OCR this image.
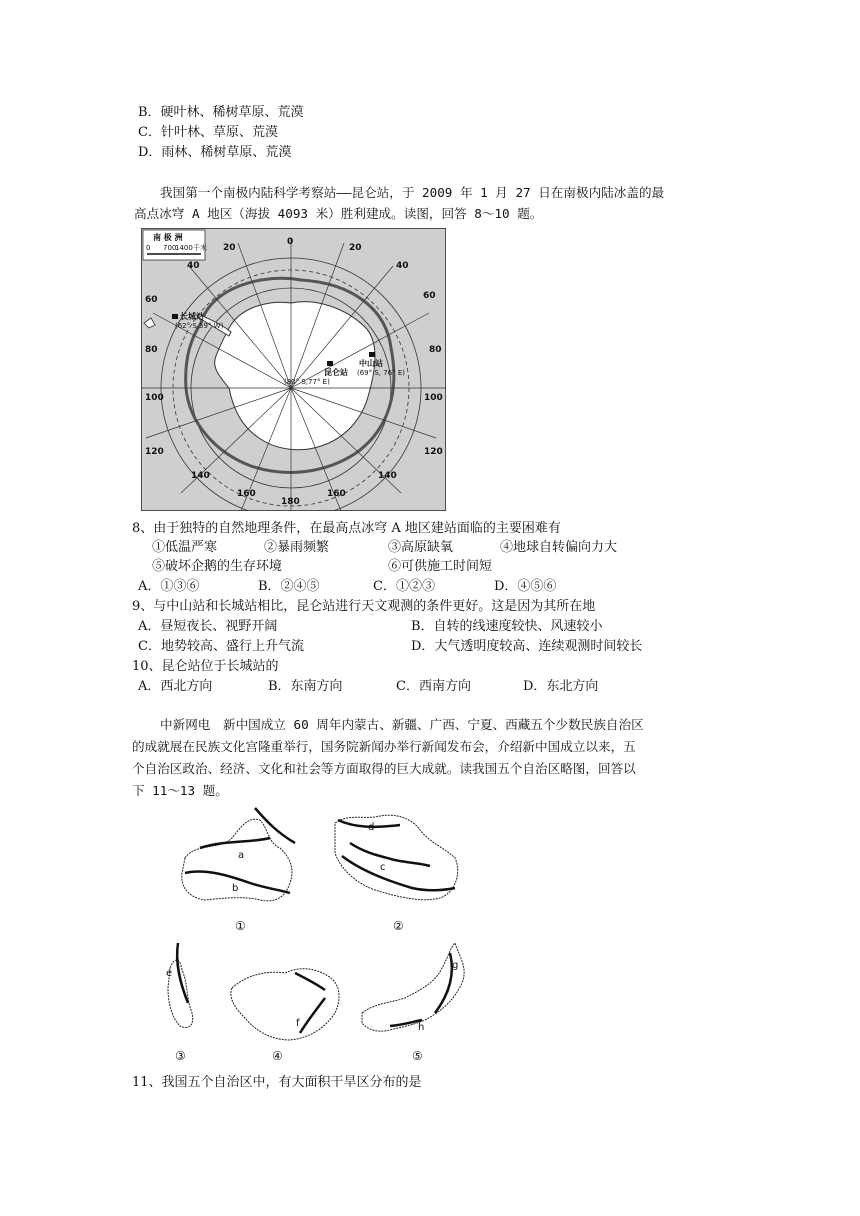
B．硬叶林、稀树草原、荒漠
C．针叶林、草原、荒漠
D．雨林、稀树草原、荒漠
我国第一个南极内陆科学考察站——昆仑站，于 2009 年 1 月 27 日在南极内陆冰盖的最
高点冰穹 A 地区（海拔 4093 米）胜利建成。读图，回答 8～10 题。
南 极 洲
0 700
1400千米
0
20	20
40	40
60	60
80	80
100	100
120	120
140	140
160	160
180
长城站
(62° S,59° W)
中山站
(69° S, 76° E)
昆仑站
(80° S,77° E)
8、由于独特的自然地理条件，在最高点冰穹 A 地区建站面临的主要困难有
①低温严寒	②暴雨频繁	③高原缺氧	④地球自转偏向力大
⑤破坏企鹅的生存环境	⑥可供施工时间短
A．①③⑥	B．②④⑤	C．①②③	D．④⑤⑥
9、与中山站和长城站相比，昆仑站进行天文观测的条件更好。这是因为其所在地
A．昼短夜长、视野开阔	B．自转的线速度较快、风速较小
C．地势较高、盛行上升气流	D．大气透明度较高、连续观测时间较长
10、昆仑站位于长城站的
A．西北方向	B．东南方向	C．西南方向	D．东北方向
中新网电　新中国成立 60 周年内蒙古、新疆、广西、宁夏、西藏五个少数民族自治区
的成就展在民族文化宫隆重举行，国务院新闻办举行新闻发布会，介绍新中国成立以来，五
个自治区政治、经济、文化和社会等方面取得的巨大成就。读我国五个自治区略图，回答以
下 11～13 题。
a
b
①
d
c
②
e
③
f
④
g
h
⑤
11、我国五个自治区中，有大面积干旱区分布的是
